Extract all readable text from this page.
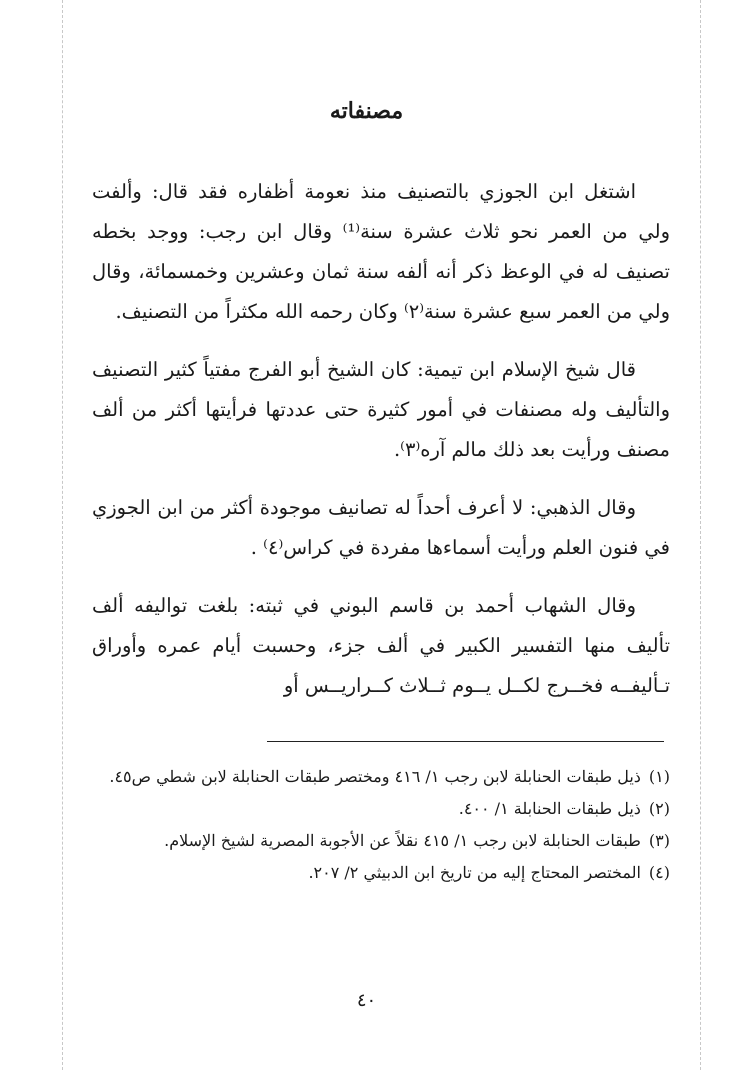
مصنفاته

اشتغل ابن الجوزي بالتصنيف منذ نعومة أظفاره فقد قال: وألفت ولي من العمر نحو ثلاث عشرة سنة⁽¹⁾ وقال ابن رجب: ووجد بخطه تصنيف له في الوعظ ذكر أنه ألفه سنة ثمان وعشرين وخمسمائة، وقال ولي من العمر سبع عشرة سنة⁽٢⁾ وكان رحمه الله مكثراً من التصنيف.

قال شيخ الإسلام ابن تيمية: كان الشيخ أبو الفرج مفتياً كثير التصنيف والتأليف وله مصنفات في أمور كثيرة حتى عددتها فرأيتها أكثر من ألف مصنف ورأيت بعد ذلك مالم آره⁽٣⁾.

وقال الذهبي: لا أعرف أحداً له تصانيف موجودة أكثر من ابن الجوزي في فنون العلم ورأيت أسماءها مفردة في كراس⁽٤⁾ .

وقال الشهاب أحمد بن قاسم البوني في ثبته: بلغت تواليفه ألف تأليف منها التفسير الكبير في ألف جزء، وحسبت أيام عمره وأوراق تـأليفــه فخــرج لكــل يــوم ثــلاث كــراريــس أو

(١)
ذيل طبقات الحنابلة لابن رجب ١/ ٤١٦ ومختصر طبقات الحنابلة لابن شطي ص٤٥.
(٢)
ذيل طبقات الحنابلة ١/ ٤٠٠.
(٣)
طبقات الحنابلة لابن رجب ١/ ٤١٥ نقلاً عن الأجوبة المصرية لشيخ الإسلام.
(٤)
المختصر المحتاج إليه من تاريخ ابن الدبيثي ٢/ ٢٠٧.
٤٠
